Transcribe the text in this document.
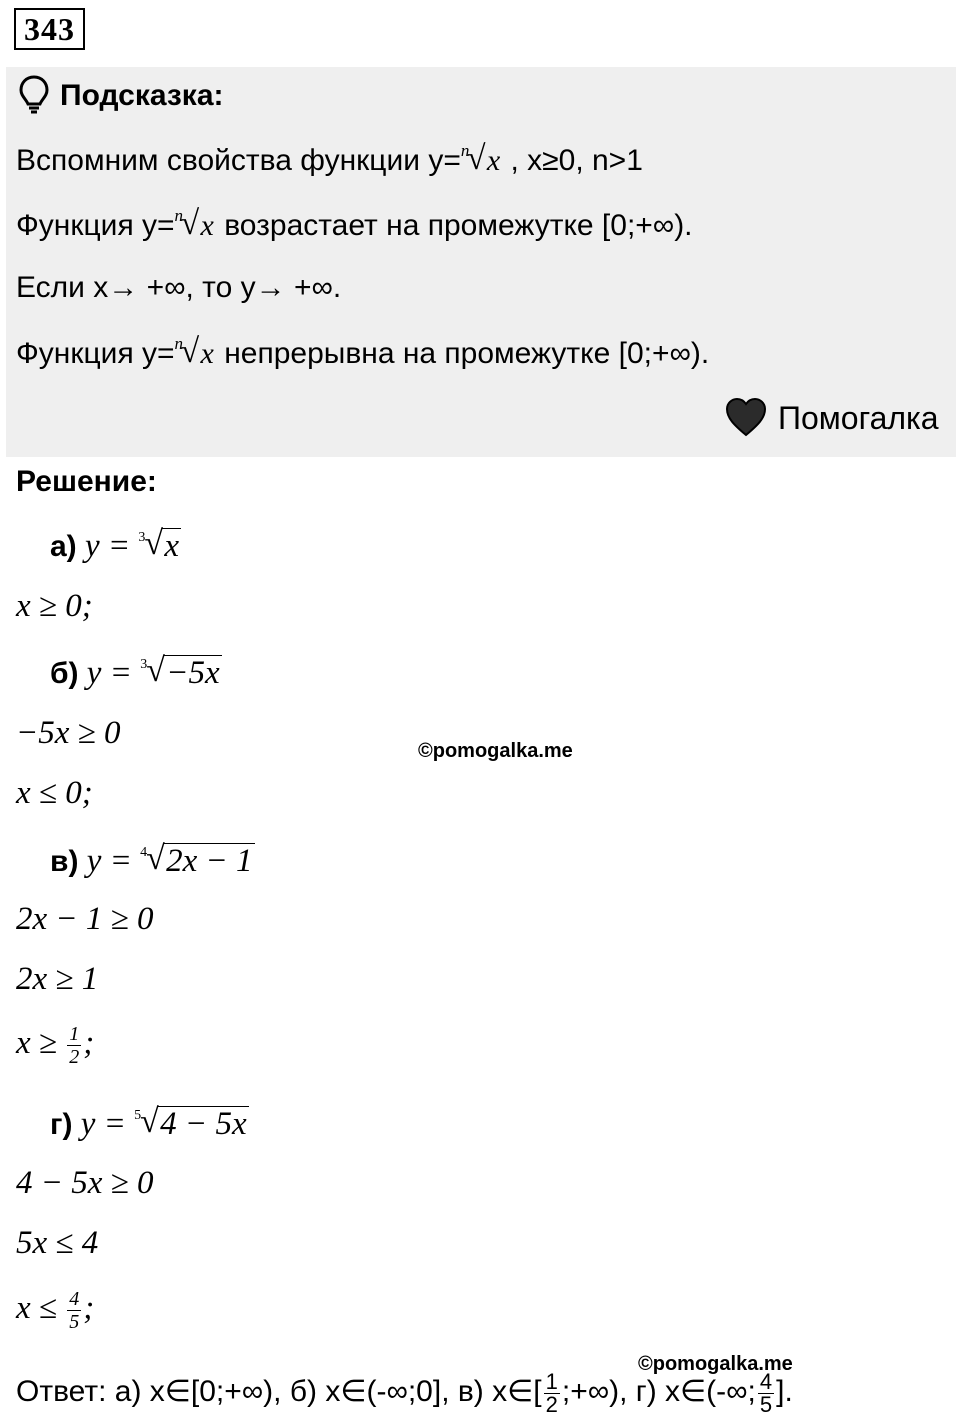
343
Подсказка:
Вспомним свойства функции y= n
√ x , x≥0, n>1
Функция y= n
√ x возрастает на промежутке [0;+∞).
Если x→ +∞, то y→ +∞.
Функция y= n
√ x непрерывна на промежутке [0;+∞).
Помогалка
Решение:
а) y = 3 √ x
x ≥ 0;
б) y = 3 √ −5x
−5x ≥ 0
x ≤ 0;
©pomogalka.me
в) y = 4 √ 2x − 1
2x − 1 ≥ 0
2x ≥ 1
$x \ge \frac{1}{2}$ ;
г) y = 5 √ 4 − 5x
4 − 5x ≥ 0
5x ≤ 4
$x \le \frac{4}{5}$ ;
©pomogalka.me
Ответ: а) x∈[0;+∞), б) x∈(-∞;0], в) x∈[ $\frac{1}{2}$ ;+∞), г) x∈(-∞; $\frac{4}{5}$ ].
